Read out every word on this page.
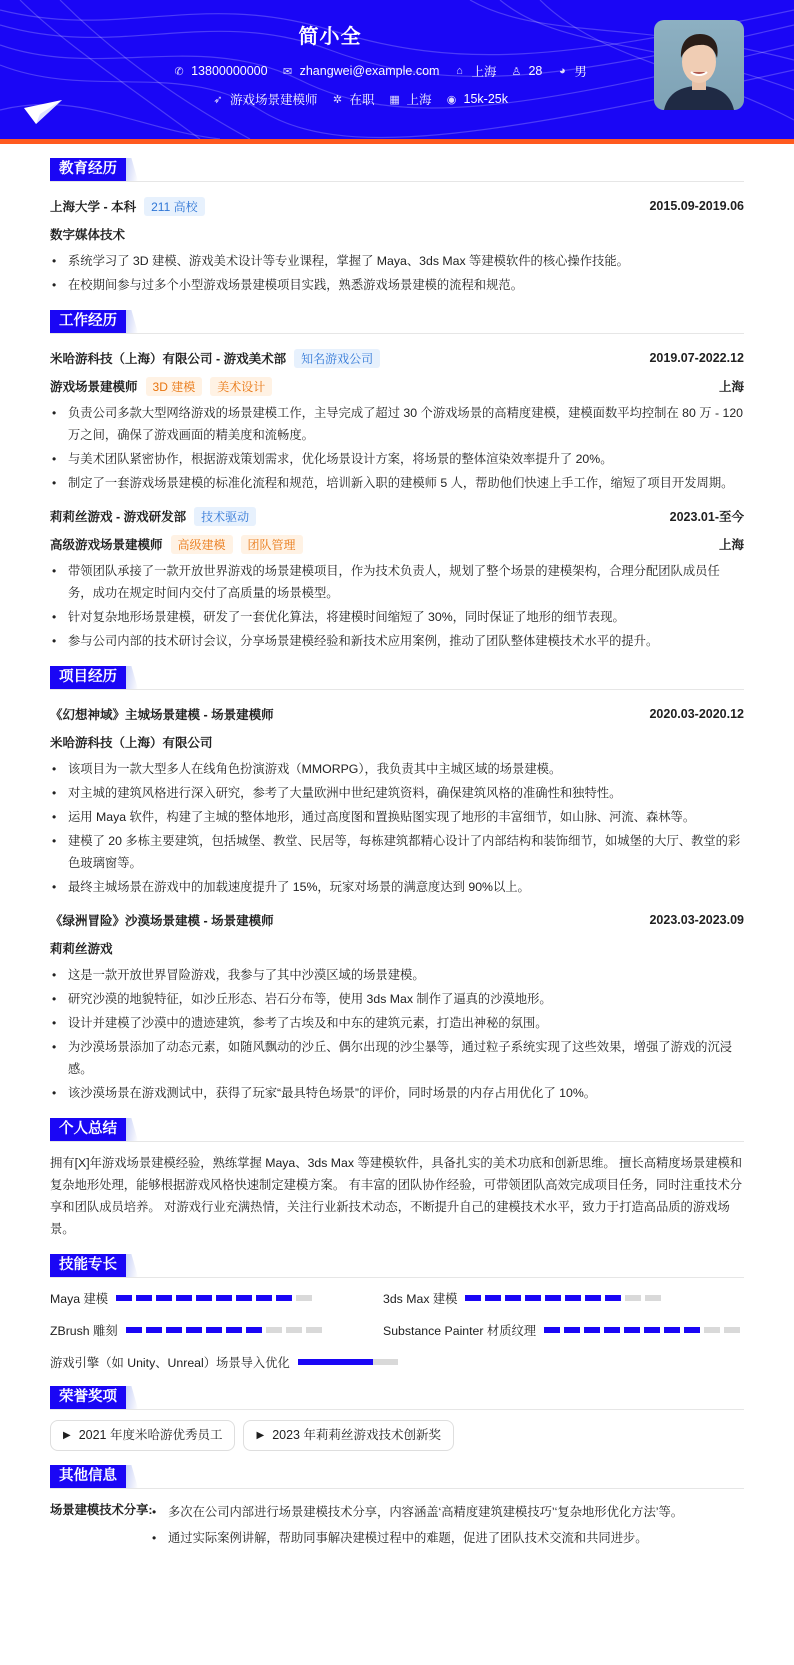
简小全
✆ 13800000000 ✉ zhangwei@example.com ⌂ 上海 ♙ 28 ◕ 男
➶ 游戏场景建模师 ✲ 在职 ▦ 上海 ◉ 15k-25k
教育经历
上海大学 - 本科	211 高校	2015.09-2019.06
数字媒体技术
• 系统学习了 3D 建模、游戏美术设计等专业课程，掌握了 Maya、3ds Max 等建模软件的核心操作技能。
• 在校期间参与过多个小型游戏场景建模项目实践，熟悉游戏场景建模的流程和规范。
工作经历
米哈游科技（上海）有限公司 - 游戏美术部	知名游戏公司	2019.07-2022.12
游戏场景建模师	3D 建模	美术设计	上海
• 负责公司多款大型网络游戏的场景建模工作，主导完成了超过 30 个游戏场景的高精度建模，建模面数平均控制在 80 万 - 120 万之间，确保了游戏画面的精美度和流畅度。
• 与美术团队紧密协作，根据游戏策划需求，优化场景设计方案，将场景的整体渲染效率提升了 20%。
• 制定了一套游戏场景建模的标准化流程和规范，培训新入职的建模师 5 人，帮助他们快速上手工作，缩短了项目开发周期。
莉莉丝游戏 - 游戏研发部	技术驱动	2023.01-至今
高级游戏场景建模师	高级建模	团队管理	上海
• 带领团队承接了一款开放世界游戏的场景建模项目，作为技术负责人，规划了整个场景的建模架构，合理分配团队成员任务，成功在规定时间内交付了高质量的场景模型。
• 针对复杂地形场景建模，研发了一套优化算法，将建模时间缩短了 30%，同时保证了地形的细节表现。
• 参与公司内部的技术研讨会议，分享场景建模经验和新技术应用案例，推动了团队整体建模技术水平的提升。
项目经历
《幻想神域》主城场景建模 - 场景建模师	2020.03-2020.12
米哈游科技（上海）有限公司
• 该项目为一款大型多人在线角色扮演游戏（MMORPG），我负责其中主城区域的场景建模。
• 对主城的建筑风格进行深入研究，参考了大量欧洲中世纪建筑资料，确保建筑风格的准确性和独特性。
• 运用 Maya 软件，构建了主城的整体地形，通过高度图和置换贴图实现了地形的丰富细节，如山脉、河流、森林等。
• 建模了 20 多栋主要建筑，包括城堡、教堂、民居等，每栋建筑都精心设计了内部结构和装饰细节，如城堡的大厅、教堂的彩色玻璃窗等。
• 最终主城场景在游戏中的加载速度提升了 15%，玩家对场景的满意度达到 90%以上。
《绿洲冒险》沙漠场景建模 - 场景建模师	2023.03-2023.09
莉莉丝游戏
• 这是一款开放世界冒险游戏，我参与了其中沙漠区域的场景建模。
• 研究沙漠的地貌特征，如沙丘形态、岩石分布等，使用 3ds Max 制作了逼真的沙漠地形。
• 设计并建模了沙漠中的遗迹建筑，参考了古埃及和中东的建筑元素，打造出神秘的氛围。
• 为沙漠场景添加了动态元素，如随风飘动的沙丘、偶尔出现的沙尘暴等，通过粒子系统实现了这些效果，增强了游戏的沉浸感。
• 该沙漠场景在游戏测试中，获得了玩家“最具特色场景”的评价，同时场景的内存占用优化了 10%。
个人总结

拥有[X]年游戏场景建模经验，熟练掌握 Maya、3ds Max 等建模软件，具备扎实的美术功底和创新思维。 擅长高精度场景建模和复杂地形处理，能够根据游戏风格快速制定建模方案。 有丰富的团队协作经验，可带领团队高效完成项目任务，同时注重技术分享和团队成员培养。 对游戏行业充满热情，关注行业新技术动态，不断提升自己的建模技术水平，致力于打造高品质的游戏场景。

技能专长
Maya 建模	3ds Max 建模
ZBrush 雕刻	Substance Painter 材质纹理
游戏引擎（如 Unity、Unreal）场景导入优化
荣誉奖项
▶ 2021 年度米哈游优秀员工	▶ 2023 年莉莉丝游戏技术创新奖
其他信息
场景建模技术分享:	• 多次在公司内部进行场景建模技术分享，内容涵盖‘高精度建筑建模技巧’‘复杂地形优化方法’等。
• 通过实际案例讲解，帮助同事解决建模过程中的难题，促进了团队技术交流和共同进步。
